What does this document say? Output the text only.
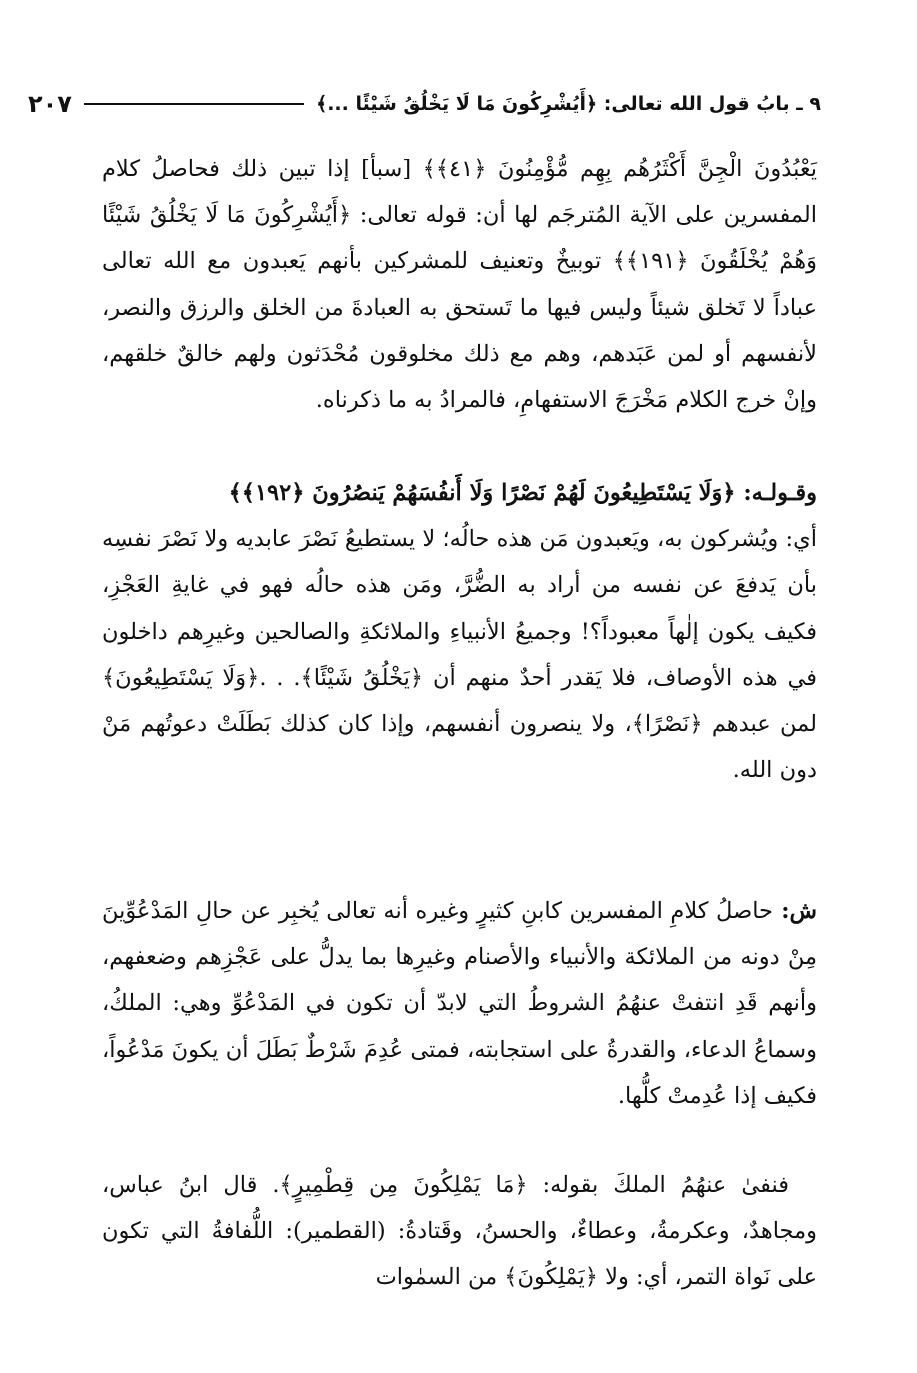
٩ ـ بابُ قول الله تعالى: ﴿أَيُشْرِكُونَ مَا لَا يَخْلُقُ شَيْئًا ...﴾
٢٠٧

يَعْبُدُونَ الْجِنَّ أَكْثَرُهُم بِهِم مُّؤْمِنُونَ ﴿٤١﴾﴾ [سبأ] إذا تبين ذلك فحاصلُ كلام المفسرين على الآية المُترجَم لها أن: قوله تعالى: ﴿أَيُشْرِكُونَ مَا لَا يَخْلُقُ شَيْئًا وَهُمْ يُخْلَقُونَ ﴿١٩١﴾﴾ توبيخٌ وتعنيف للمشركين بأنهم يَعبدون مع الله تعالى عباداً لا تَخلق شيئاً وليس فيها ما تَستحق به العبادةَ من الخلق والرزق والنصر، لأنفسهم أو لمن عَبَدهم، وهم مع ذلك مخلوقون مُحْدَثون ولهم خالقٌ خلقهم، وإنْ خرج الكلام مَخْرَجَ الاستفهامِ، فالمرادُ به ما ذكرناه.

وقـولـه: ﴿وَلَا يَسْتَطِيعُونَ لَهُمْ نَصْرًا وَلَا أَنفُسَهُمْ يَنصُرُونَ ﴿١٩٢﴾﴾

أي: ويُشركون به، ويَعبدون مَن هذه حالُه؛ لا يستطيعُ نَصْرَ عابديه ولا نَصْرَ نفسِه بأن يَدفعَ عن نفسه من أراد به الضُّرَّ، ومَن هذه حالُه فهو في غايةِ العَجْزِ، فكيف يكون إلٰهاً معبوداً؟! وجميعُ الأنبياءِ والملائكةِ والصالحين وغيرِهم داخلون في هذه الأوصاف، فلا يَقدر أحدٌ منهم أن ﴿يَخْلُقُ شَيْئًا﴾. . .﴿وَلَا يَسْتَطِيعُونَ﴾ لمن عبدهم ﴿نَصْرًا﴾، ولا ينصرون أنفسهم، وإذا كان كذلك بَطَلَتْ دعوتُهم مَنْ دون الله.

ش: حاصلُ كلامِ المفسرين كابنِ كثيرٍ وغيره أنه تعالى يُخبِر عن حالِ المَدْعُوِّينَ مِنْ دونه من الملائكة والأنبياء والأصنام وغيرِها بما يدلُّ على عَجْزِهم وضعفهم، وأنهم قَدِ انتفتْ عنهُمُ الشروطُ التي لابدّ أن تكون في المَدْعُوِّ وهي: الملكُ، وسماعُ الدعاء، والقدرةُ على استجابته، فمتى عُدِمَ شَرْطٌ بَطَلَ أن يكونَ مَدْعُواً، فكيف إذا عُدِمتْ كلُّها.

فنفىٰ عنهُمُ الملكَ بقوله: ﴿مَا يَمْلِكُونَ مِن قِطْمِيرٍ﴾. قال ابنُ عباس، ومجاهدٌ، وعكرمةُ، وعطاءٌ، والحسنُ، وقَتادةُ: (القطمير): اللُّفافةُ التي تكون على نَواة التمر، أي: ولا ﴿يَمْلِكُونَ﴾ من السمٰوات
